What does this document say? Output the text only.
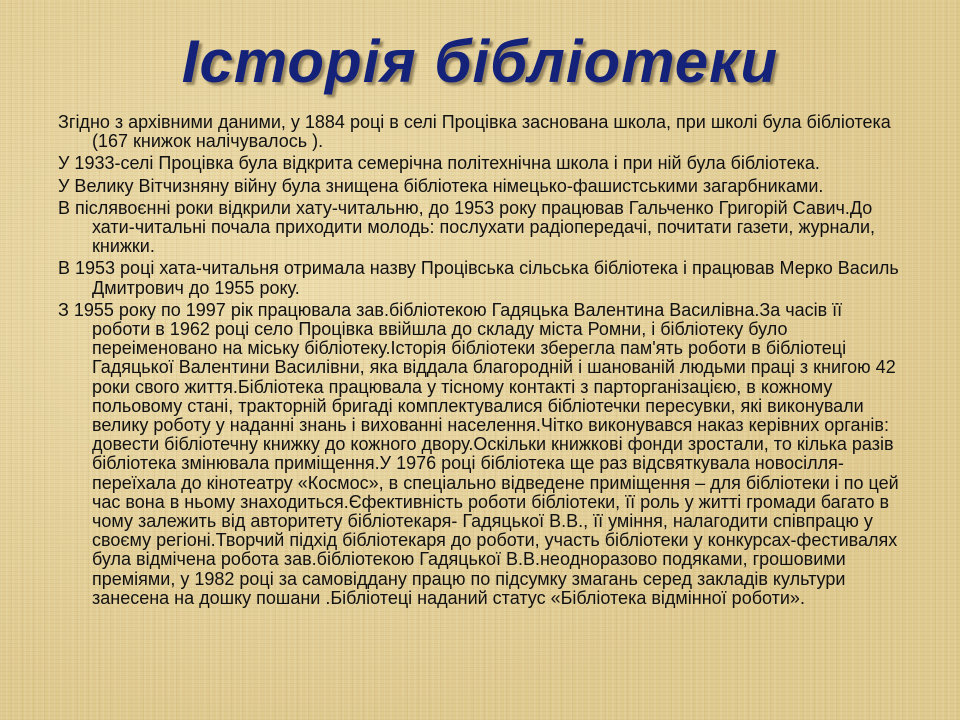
Історія бібліотеки

Згідно з архівними даними, у 1884 році в селі Процівка заснована школа, при школі була бібліотека (167 книжок налічувалось ).

У 1933-селі Процівка була відкрита семерічна політехнічна школа і при ній була бібліотека.

У Велику Вітчизняну війну була знищена бібліотека німецько-фашистськими загарбниками.

В післявоєнні роки відкрили хату-читальню, до 1953 року працював Гальченко Григорій Савич.До хати-читальні почала приходити молодь: послухати радіопередачі, почитати газети, журнали, книжки.

В 1953 році хата-читальня отримала назву Процівська сільська бібліотека і працював Мерко Василь Дмитрович до 1955 року.

З 1955 року по 1997 рік працювала зав.бібліотекою Гадяцька Валентина Василівна.За часів її роботи в 1962 році село Процівка ввійшла до складу міста Ромни, і бібліотеку було переіменовано на міську бібліотеку.Історія бібліотеки зберегла пам'ять роботи в бібліотеці Гадяцької Валентини Василівни, яка віддала благородній і шанованій людьми праці з книгою 42 роки свого життя.Бібліотека працювала у тісному контакті з парторганізацією, в кожному польовому стані, тракторній бригаді комплектувалися бібліотечки пересувки, які виконували велику роботу у наданні знань і вихованні населення.Чітко виконувався наказ керівних органів: довести бібліотечну книжку до кожного двору.Оскільки книжкові фонди зростали, то кілька разів бібліотека змінювала приміщення.У 1976 році бібліотека ще раз відсвяткувала новосілля-переїхала до кінотеатру «Космос», в спеціально відведене приміщення – для бібліотеки і по цей час вона в ньому знаходиться.Єфективність роботи бібліотеки, її роль у житті громади багато в чому залежить від авторитету бібліотекаря- Гадяцької В.В., її уміння, налагодити співпрацю у своєму регіоні.Творчий підхід бібліотекаря до роботи, участь бібліотеки у конкурсах-фестивалях була відмічена робота зав.бібліотекою Гадяцької В.В.неодноразово подяками, грошовими преміями, у 1982 році за самовіддану працю по підсумку змагань серед закладів культури занесена на дошку пошани .Бібліотеці наданий статус «Бібліотека відмінної роботи».
